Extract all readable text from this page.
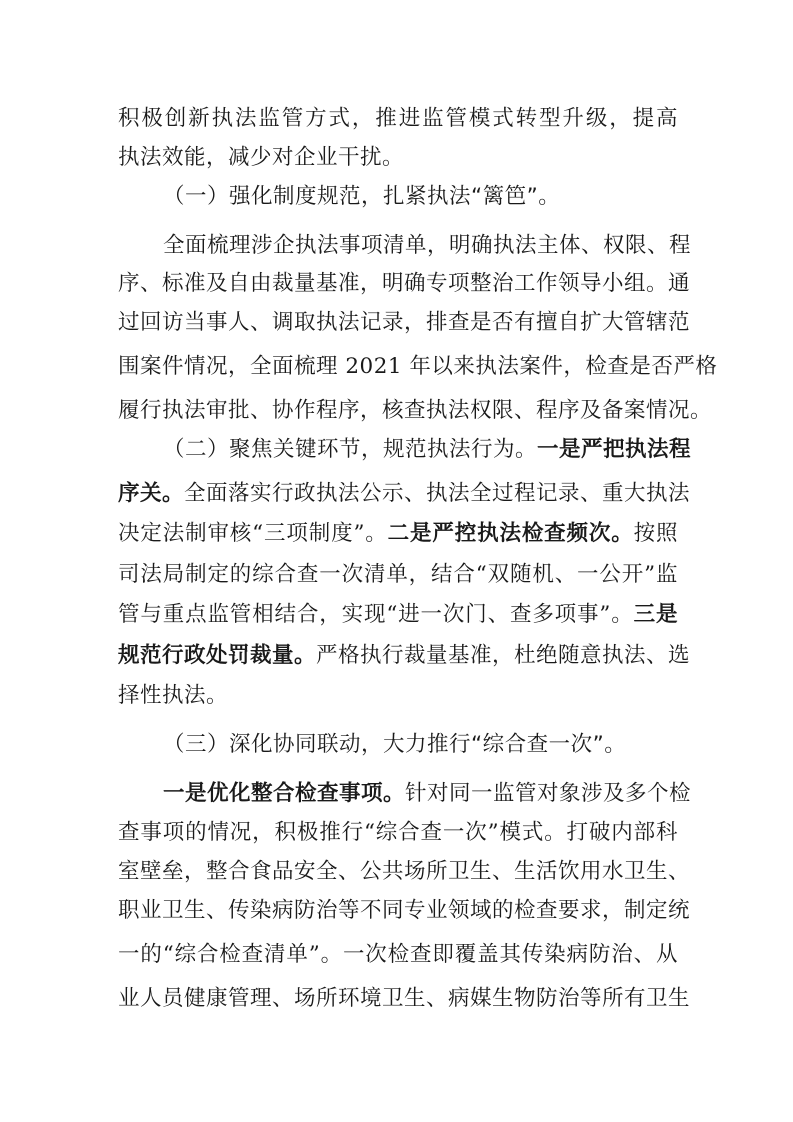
积极创新执法监管方式，推进监管模式转型升级，提高
执法效能，减少对企业干扰。
（一）强化制度规范，扎紧执法“篱笆”。
全面梳理涉企执法事项清单，明确执法主体、权限、程
序、标准及自由裁量基准，明确专项整治工作领导小组。通
过回访当事人、调取执法记录，排查是否有擅自扩大管辖范
围案件情况，全面梳理 2021 年以来执法案件，检查是否严格
履行执法审批、协作程序，核查执法权限、程序及备案情况。
（二）聚焦关键环节，规范执法行为。一是严把执法程
序关。全面落实行政执法公示、执法全过程记录、重大执法
决定法制审核“三项制度”。二是严控执法检查频次。按照
司法局制定的综合查一次清单，结合“双随机、一公开”监
管与重点监管相结合，实现“进一次门、查多项事”。三是
规范行政处罚裁量。严格执行裁量基准，杜绝随意执法、选
择性执法。
（三）深化协同联动，大力推行“综合查一次”。
一是优化整合检查事项。针对同一监管对象涉及多个检
查事项的情况，积极推行“综合查一次”模式。打破内部科
室壁垒，整合食品安全、公共场所卫生、生活饮用水卫生、
职业卫生、传染病防治等不同专业领域的检查要求，制定统
一的“综合检查清单”。一次检查即覆盖其传染病防治、从
业人员健康管理、场所环境卫生、病媒生物防治等所有卫生
